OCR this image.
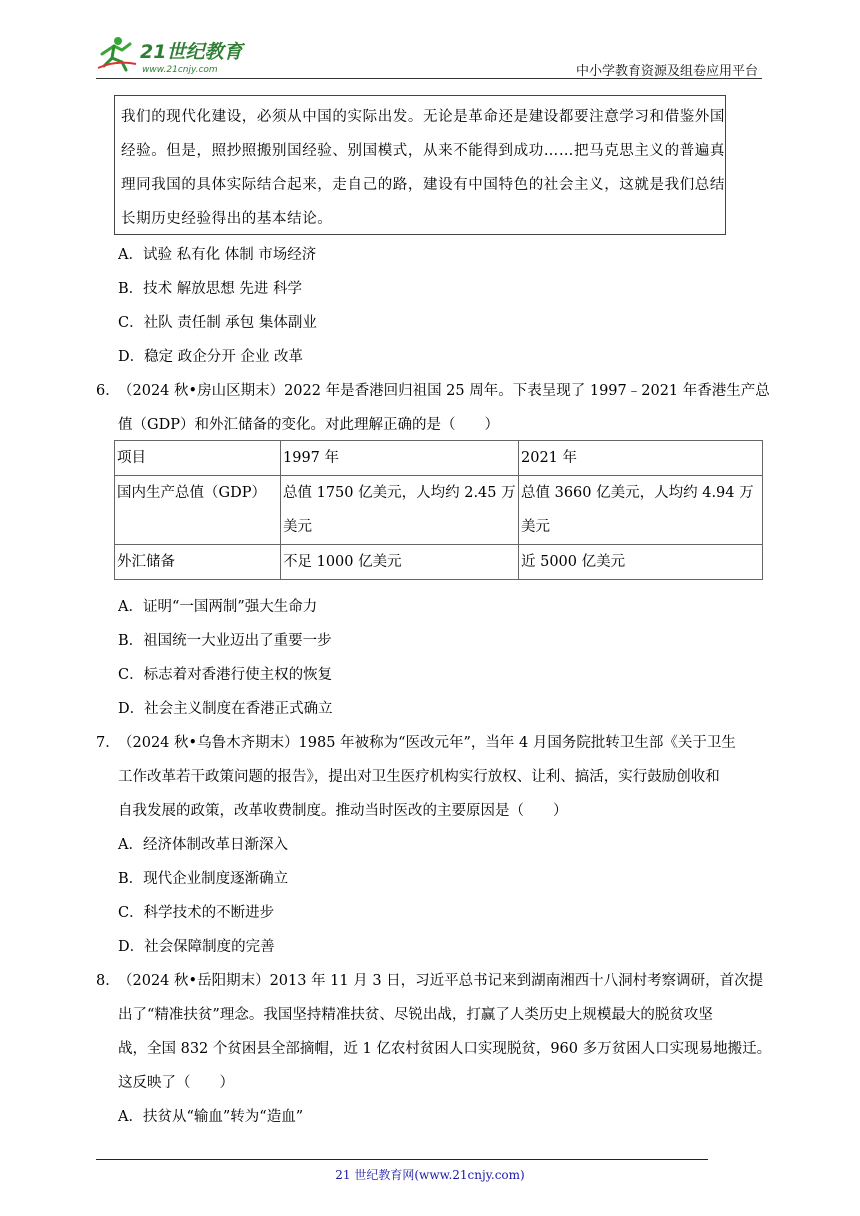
21世纪教育
www.21cnjy.com	中小学教育资源及组卷应用平台
我们的现代化建设，必须从中国的实际出发。无论是革命还是建设都要注意学习和借鉴外国
经验。但是，照抄照搬别国经验、别国模式，从来不能得到成功……把马克思主义的普遍真
理同我国的具体实际结合起来，走自己的路，建设有中国特色的社会主义，这就是我们总结
长期历史经验得出的基本结论。
A．试验 私有化 体制 市场经济
B．技术 解放思想 先进 科学
C．社队 责任制 承包 集体副业
D．稳定 政企分开 企业 改革
6．
（2024 秋•房山区期末）2022 年是香港回归祖国 25 周年。下表呈现了 1997﹣2021 年香港生产总
值（GDP）和外汇储备的变化。对此理解正确的是（　　）
项目	1997 年	2021 年
国内生产总值（GDP）	总值 1750 亿美元，人均约 2.45 万美元	总值 3660 亿美元，人均约 4.94 万美元
外汇储备	不足 1000 亿美元	近 5000 亿美元
A．证明“一国两制”强大生命力
B．祖国统一大业迈出了重要一步
C．标志着对香港行使主权的恢复
D．社会主义制度在香港正式确立
7．
（2024 秋•乌鲁木齐期末）1985 年被称为“医改元年”，当年 4 月国务院批转卫生部《关于卫生
工作改革若干政策问题的报告》，提出对卫生医疗机构实行放权、让利、搞活，实行鼓励创收和
自我发展的政策，改革收费制度。推动当时医改的主要原因是（　　）
A．经济体制改革日渐深入
B．现代企业制度逐渐确立
C．科学技术的不断进步
D．社会保障制度的完善
8．
（2024 秋•岳阳期末）2013 年 11 月 3 日，习近平总书记来到湖南湘西十八洞村考察调研，首次提
出了“精准扶贫”理念。我国坚持精准扶贫、尽锐出战，打赢了人类历史上规模最大的脱贫攻坚
战，全国 832 个贫困县全部摘帽，近 1 亿农村贫困人口实现脱贫，960 多万贫困人口实现易地搬迁。
这反映了（　　）
A．扶贫从“输血”转为“造血”
21 世纪教育网(www.21cnjy.com)
